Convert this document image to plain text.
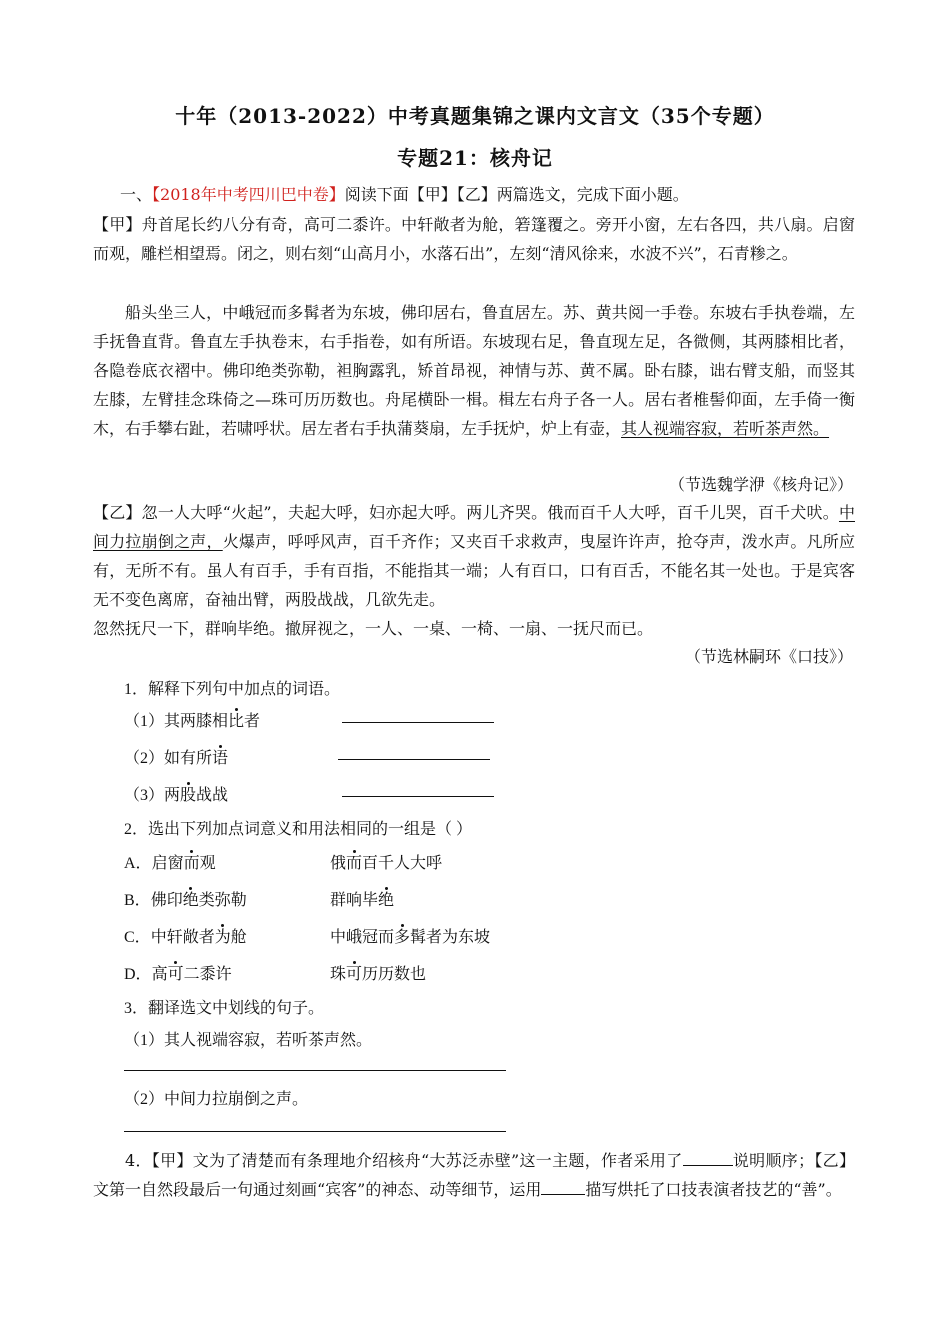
十年（2013-2022）中考真题集锦之课内文言文（35个专题）
专题21：核舟记
一、【2018年中考四川巴中卷】阅读下面【甲】【乙】两篇选文，完成下面小题。
【甲】舟首尾长约八分有奇，高可二黍许。中轩敞者为舱，箬篷覆之。旁开小窗，左右各四，共八扇。启窗而观，雕栏相望焉。闭之，则右刻“山高月小，水落石出”，左刻“清风徐来，水波不兴”，石青糁之。
船头坐三人，中峨冠而多髯者为东坡，佛印居右，鲁直居左。苏、黄共阅一手卷。东坡右手执卷端，左手抚鲁直背。鲁直左手执卷末，右手指卷，如有所语。东坡现右足，鲁直现左足，各微侧，其两膝相比者，各隐卷底衣褶中。佛印绝类弥勒，袒胸露乳，矫首昂视，神情与苏、黄不属。卧右膝，诎右臂支船，而竖其左膝，左臂挂念珠倚之—珠可历历数也。舟尾横卧一楫。楫左右舟子各一人。居右者椎髻仰面，左手倚一衡木，右手攀右趾，若啸呼状。居左者右手执蒲葵扇，左手抚炉，炉上有壶，其人视端容寂，若听茶声然。
（节选魏学洢《核舟记》）
【乙】忽一人大呼“火起”，夫起大呼，妇亦起大呼。两儿齐哭。俄而百千人大呼，百千儿哭，百千犬吠。中间力拉崩倒之声，火爆声，呼呼风声，百千齐作；又夹百千求救声，曳屋许许声，抢夺声，泼水声。凡所应有，无所不有。虽人有百手，手有百指，不能指其一端；人有百口，口有百舌，不能名其一处也。于是宾客无不变色离席，奋袖出臂，两股战战，几欲先走。
忽然抚尺一下，群响毕绝。撤屏视之，一人、一桌、一椅、一扇、一抚尺而已。
（节选林嗣环《口技》）
1．解释下列句中加点的词语。
（1）其两膝相比者
（2）如有所语
（3）两股战战
2．选出下列加点词意义和用法相同的一组是（ ）
A．启窗而观	俄而百千人大呼
B．佛印绝类弥勒	群响毕绝
C．中轩敞者为舱	中峨冠而多髯者为东坡
D．高可二黍许	珠可历历数也
3．翻译选文中划线的句子。
（1）其人视端容寂，若听茶声然。
（2）中间力拉崩倒之声。
4．【甲】文为了清楚而有条理地介绍核舟“大苏泛赤壁”这一主题，作者采用了	说明顺序；【乙】文第一自然段最后一句通过刻画“宾客”的神态、动等细节，运用	描写烘托了口技表演者技艺的“善”。
